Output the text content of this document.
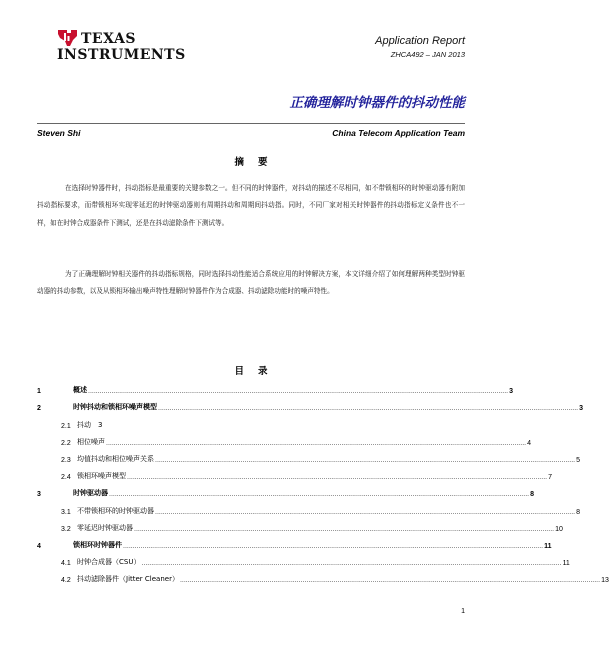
TEXAS
INSTRUMENTS
Application Report
ZHCA492 – JAN 2013
正确理解时钟器件的抖动性能
Steven Shi	China Telecom Application Team
摘要
在选择时钟器件时，抖动指标是最重要的关键参数之一。但不同的时钟器件，对抖动的描述不尽相同，如不带锁相环的时钟驱动器有附加抖动指标要求，而带锁相环实现零延迟的时钟驱动器则有周期抖动和周期间抖动指。同时，不同厂家对相关时钟器件的抖动指标定义条件也不一样，如在时钟合成器条件下测试，还是在抖动滤除条件下测试等。
为了正确理解时钟相关器件的抖动指标规格，同时选择抖动性能适合系统应用的时钟解决方案，本文详细介绍了如何理解两种类型时钟驱动器的抖动参数，以及从锁相环输出噪声特性理解时钟器件作为合成器、抖动滤除功能时的噪声特性。
目录
1	概述 ........................................................................................................................................................................................................................ 3
2	时钟抖动和锁相环噪声模型 ........................................................................................................................................................................................................................ 3
2.1 抖动　3
2.2 相位噪声 ........................................................................................................................................................................................................................ 4
2.3 均值抖动和相位噪声关系 ........................................................................................................................................................................................................................ 5
2.4 锁相环噪声模型 ........................................................................................................................................................................................................................ 7
3	时钟驱动器 ........................................................................................................................................................................................................................ 8
3.1 不带锁相环的时钟驱动器 ........................................................................................................................................................................................................................ 8
3.2 零延迟时钟驱动器 ........................................................................................................................................................................................................................ 10
4	锁相环时钟器件 ........................................................................................................................................................................................................................ 11
4.1 时钟合成器（CSU） ........................................................................................................................................................................................................................ 11
4.2 抖动滤除器件（Jitter Cleaner） ........................................................................................................................................................................................................................ 13
1
